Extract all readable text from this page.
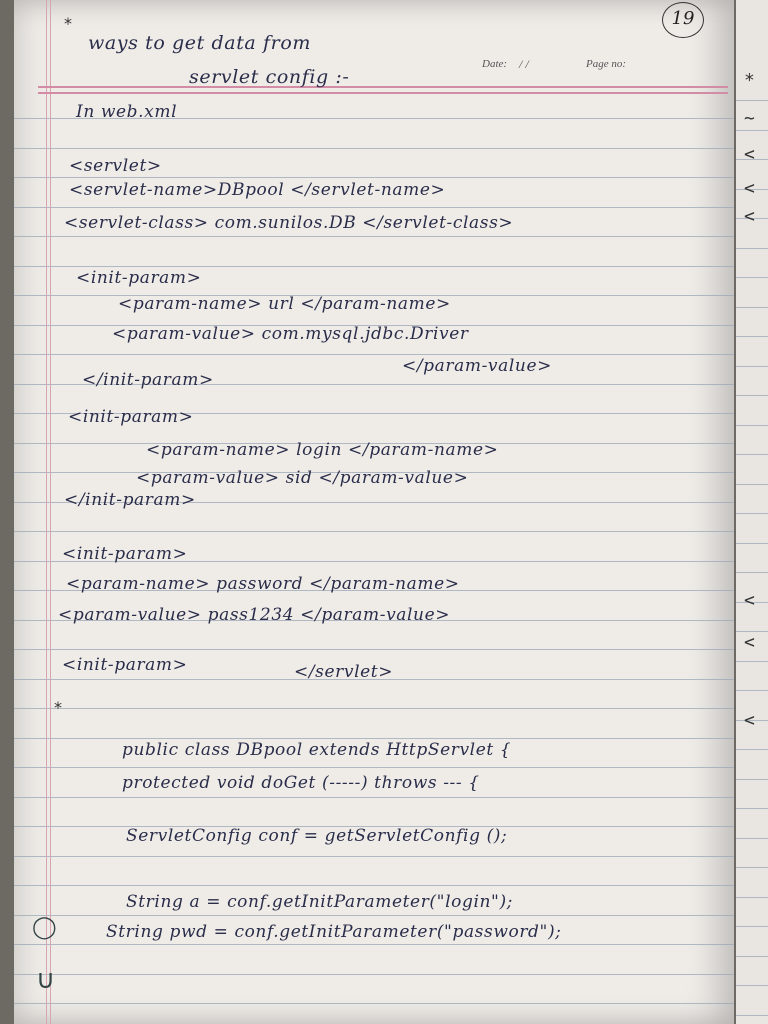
19
*
ways to get data from
servlet config :-
Date: / /	Page no:
In web.xml
<servlet>
<servlet-name>DBpool </servlet-name>
<servlet-class> com.sunilos.DB </servlet-class>
<init-param>
<param-name> url </param-name>
<param-value> com.mysql.jdbc.Driver
</param-value>
</init-param>
<init-param>
<param-name> login </param-name>
<param-value> sid </param-value>
</init-param>
<init-param>
<param-name> password </param-name>
<param-value> pass1234 </param-value>
<init-param>	</servlet>
*
public class DBpool extends HttpServlet {
protected void doGet (-----) throws --- {
ServletConfig conf = getServletConfig ();
String a = conf.getInitParameter("login");
String pwd = conf.getInitParameter("password");
◯
∪
*
~
<
<
<
<
<
<
